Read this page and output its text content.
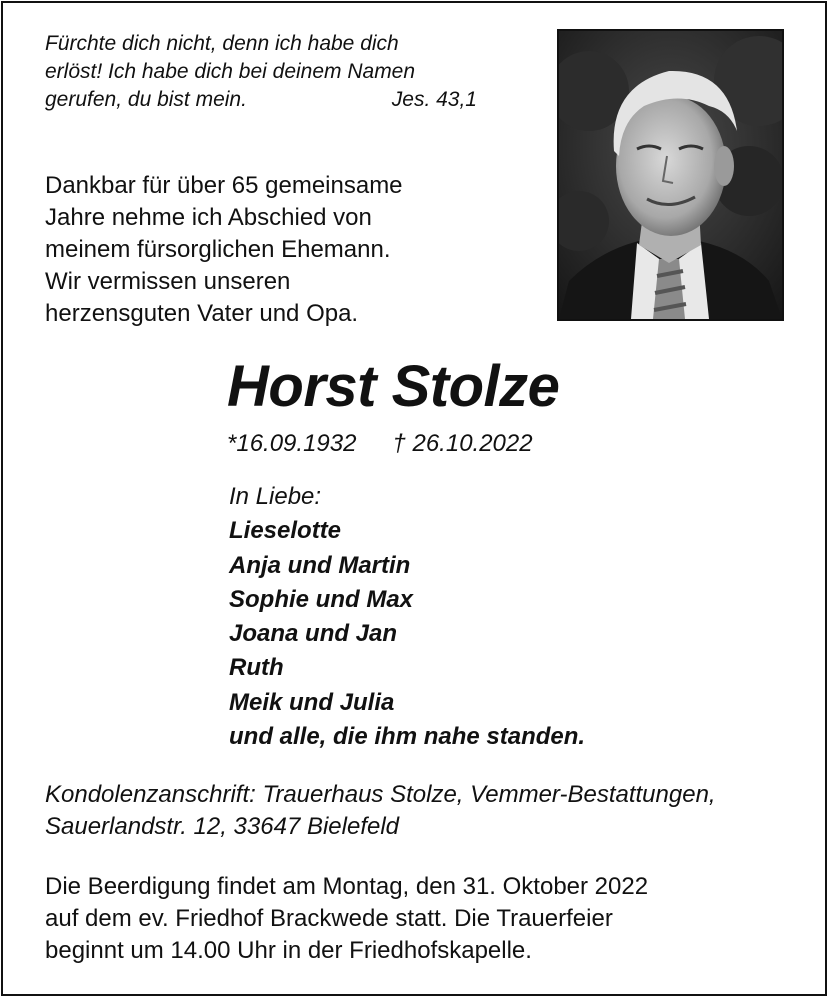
Fürchte dich nicht, denn ich habe dich
erlöst! Ich habe dich bei deinem Namen
gerufen, du bist mein.	Jes. 43,1
Dankbar für über 65 gemeinsame
Jahre nehme ich Abschied von
meinem fürsorglichen Ehemann.
Wir vermissen unseren
herzensguten Vater und Opa.
Horst Stolze
*16.09.1932 † 26.10.2022
In Liebe:
Lieselotte
Anja und Martin
Sophie und Max
Joana und Jan
Ruth
Meik und Julia
und alle, die ihm nahe standen.
Kondolenzanschrift: Trauerhaus Stolze, Vemmer-Bestattungen,
Sauerlandstr. 12, 33647 Bielefeld
Die Beerdigung findet am Montag, den 31. Oktober 2022
auf dem ev. Friedhof Brackwede statt. Die Trauerfeier
beginnt um 14.00 Uhr in der Friedhofskapelle.
